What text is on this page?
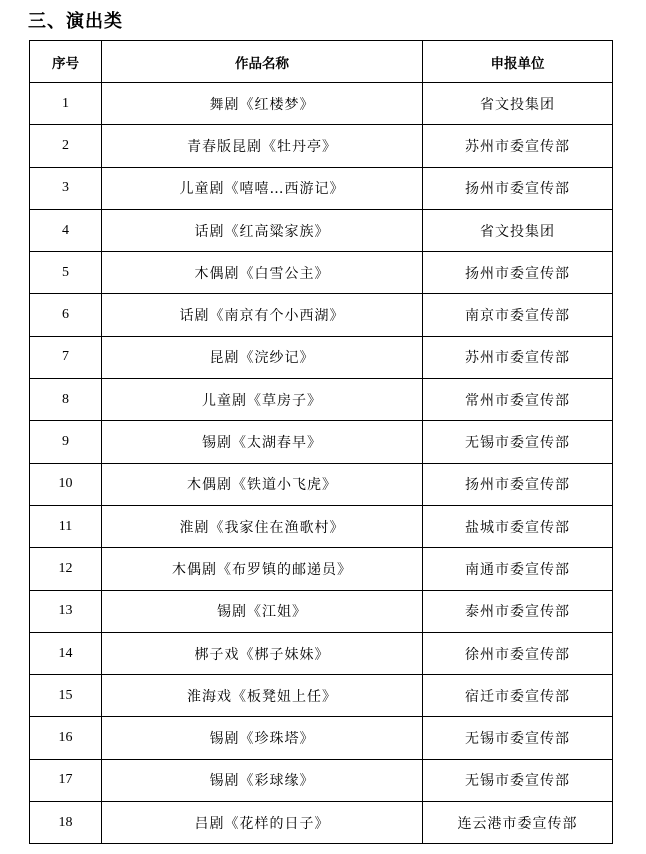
三、演出类
序号	作品名称	申报单位
1	舞剧《红楼梦》	省文投集团
2	青春版昆剧《牡丹亭》	苏州市委宣传部
3	儿童剧《嘻嘻…西游记》	扬州市委宣传部
4	话剧《红高粱家族》	省文投集团
5	木偶剧《白雪公主》	扬州市委宣传部
6	话剧《南京有个小西湖》	南京市委宣传部
7	昆剧《浣纱记》	苏州市委宣传部
8	儿童剧《草房子》	常州市委宣传部
9	锡剧《太湖春早》	无锡市委宣传部
10	木偶剧《铁道小飞虎》	扬州市委宣传部
11	淮剧《我家住在渔歌村》	盐城市委宣传部
12	木偶剧《布罗镇的邮递员》	南通市委宣传部
13	锡剧《江姐》	泰州市委宣传部
14	梆子戏《梆子妹妹》	徐州市委宣传部
15	淮海戏《板凳妞上任》	宿迁市委宣传部
16	锡剧《珍珠塔》	无锡市委宣传部
17	锡剧《彩球缘》	无锡市委宣传部
18	吕剧《花样的日子》	连云港市委宣传部
